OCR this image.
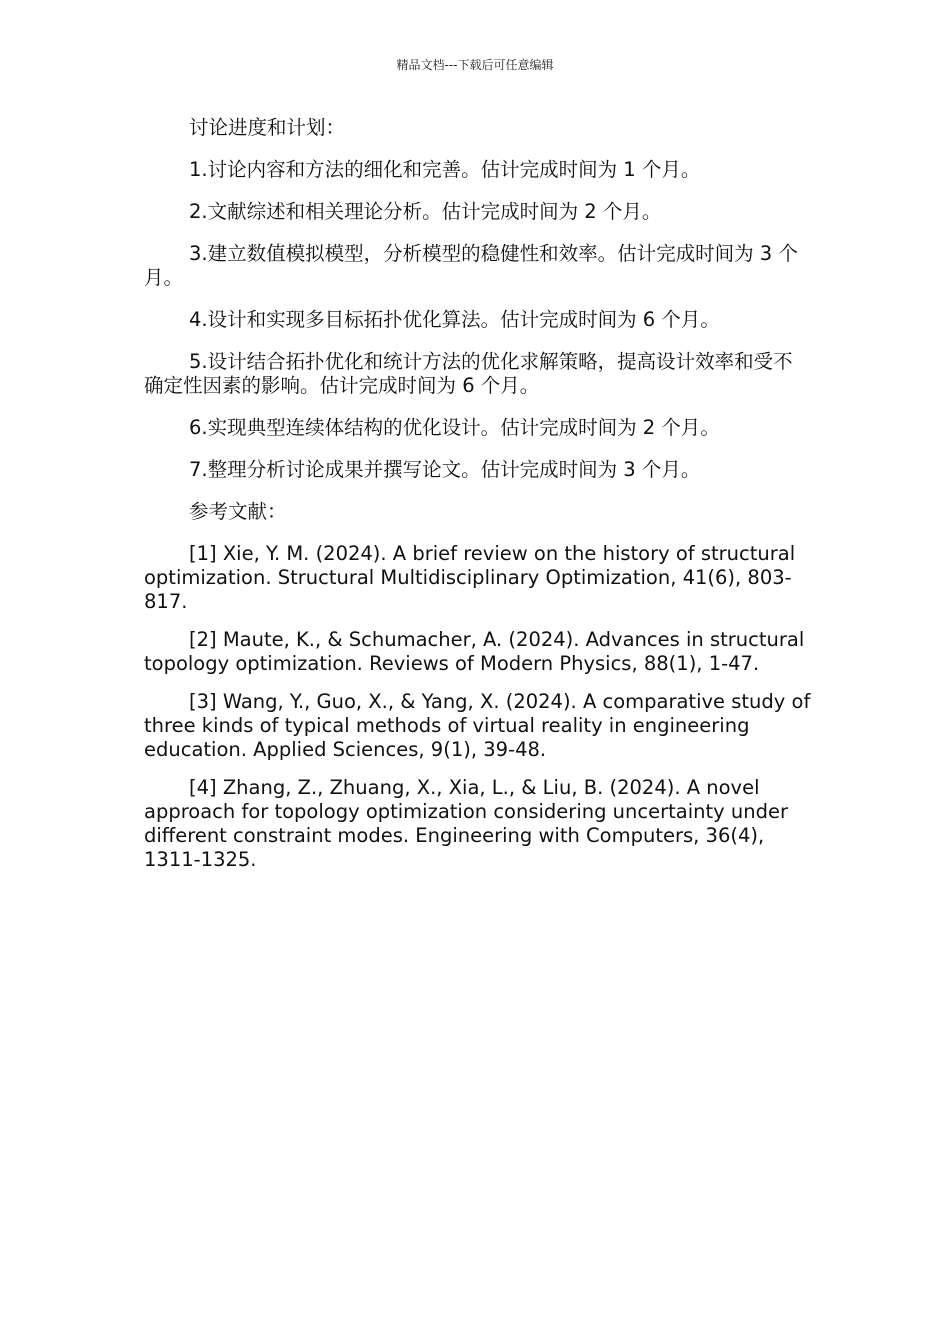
精品文档---下载后可任意编辑

讨论进度和计划：

1.讨论内容和方法的细化和完善。估计完成时间为 1 个月。

2.文献综述和相关理论分析。估计完成时间为 2 个月。

3.建立数值模拟模型，分析模型的稳健性和效率。估计完成时间为 3 个月。

4.设计和实现多目标拓扑优化算法。估计完成时间为 6 个月。

5.设计结合拓扑优化和统计方法的优化求解策略，提高设计效率和受不确定性因素的影响。估计完成时间为 6 个月。

6.实现典型连续体结构的优化设计。估计完成时间为 2 个月。

7.整理分析讨论成果并撰写论文。估计完成时间为 3 个月。

参考文献：

[1] Xie, Y. M. (2024). A brief review on the history of structural optimization. Structural Multidisciplinary Optimization, 41(6), 803-817.

[2] Maute, K., & Schumacher, A. (2024). Advances in structural topology optimization. Reviews of Modern Physics, 88(1), 1-47.

[3] Wang, Y., Guo, X., & Yang, X. (2024). A comparative study of three kinds of typical methods of virtual reality in engineering education. Applied Sciences, 9(1), 39-48.

[4] Zhang, Z., Zhuang, X., Xia, L., & Liu, B. (2024). A novel approach for topology optimization considering uncertainty under different constraint modes. Engineering with Computers, 36(4), 1311-1325.
